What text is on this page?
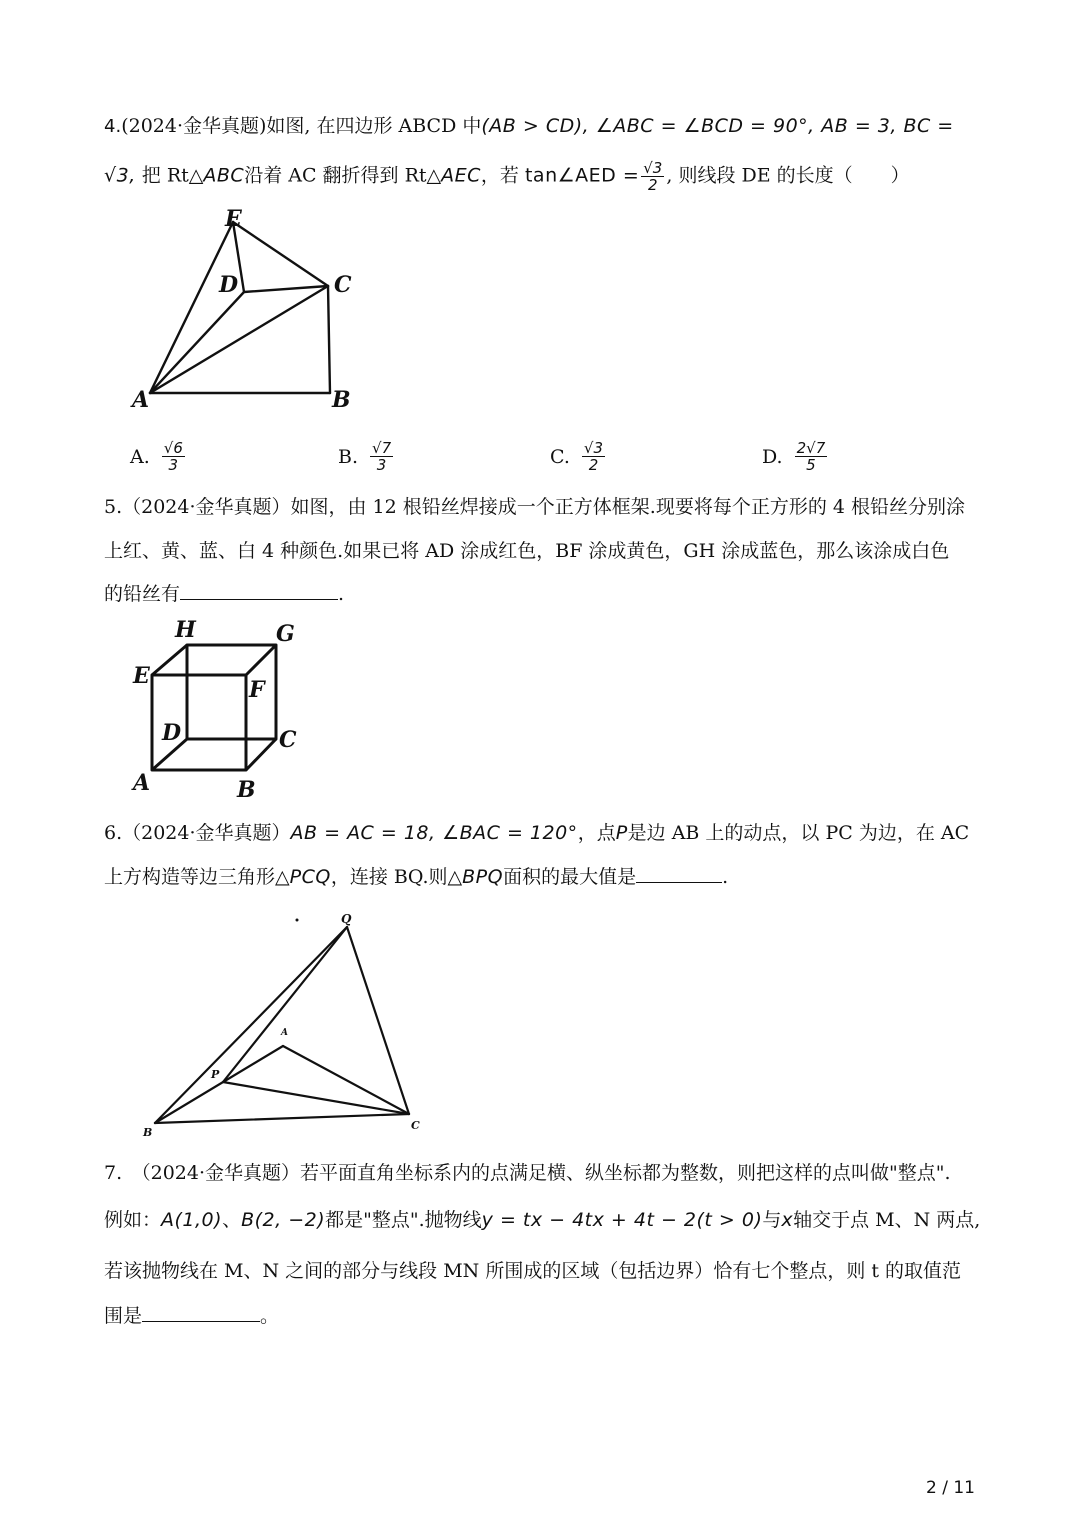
4.(2024·金华真题)如图, 在四边形 ABCD 中(AB > CD), ∠ABC = ∠BCD = 90°, AB = 3, BC =
√3, 把 Rt△ABC沿着 AC 翻折得到 Rt△AEC，若 tan∠AED = $\frac{√3}{2}$ , 则线段 DE 的长度（　　）
E
D	C
A	B
A. $\frac{√6}{3}$	B. $\frac{√7}{3}$	C. $\frac{√3}{2}$	D. $\frac{2√7}{5}$
5.（2024·金华真题）如图，由 12 根铅丝焊接成一个正方体框架.现要将每个正方形的 4 根铅丝分别涂
上红、黄、蓝、白 4 种颜色.如果已将 AD 涂成红色，BF 涂成黄色，GH 涂成蓝色，那么该涂成白色
的铅丝有	.
H	G
E
F
D	C
A	B
6.（2024·金华真题）AB = AC = 18, ∠BAC = 120°，点P是边 AB 上的动点，以 PC 为边，在 AC
上方构造等边三角形△PCQ，连接 BQ.则△BPQ面积的最大值是	.
Q
A
P
B
C
7.　（2024·金华真题）若平面直角坐标系内的点满足横、纵坐标都为整数，则把这样的点叫做"整点".
例如：A(1,0)、B(2, −2)都是"整点".抛物线y = tx − 4tx + 4t − 2(t > 0)与x轴交于点 M、N 两点,
若该抛物线在 M、N 之间的部分与线段 MN 所围成的区域（包括边界）恰有七个整点，则 t 的取值范
围是	。
2 / 11
